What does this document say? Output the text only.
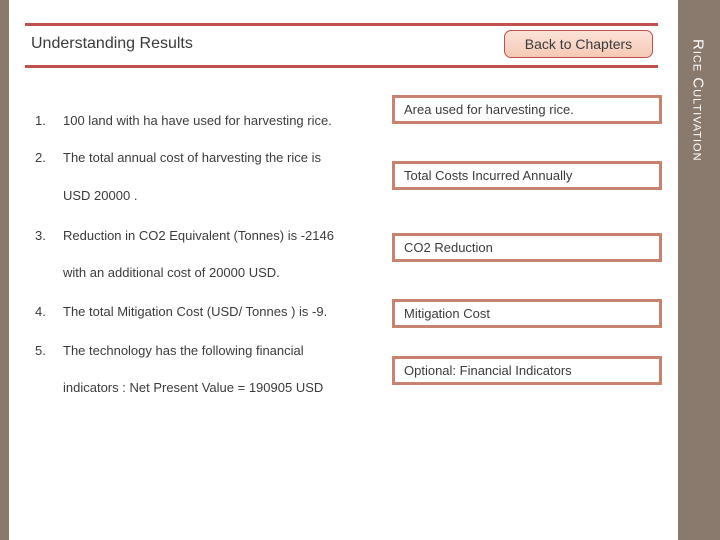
Rice Cultivation
Understanding Results	Back to Chapters
1. 100 land with ha have used for harvesting rice.
2. The total annual cost of harvesting the rice is
USD 20000 .
3. Reduction in CO2 Equivalent (Tonnes) is -2146
with an additional cost of 20000 USD.
4. The total Mitigation Cost (USD/ Tonnes ) is -9.
5. The technology has the following financial
indicators : Net Present Value = 190905 USD
Area used for harvesting rice.
Total Costs Incurred Annually
CO2 Reduction
Mitigation Cost
Optional: Financial Indicators
